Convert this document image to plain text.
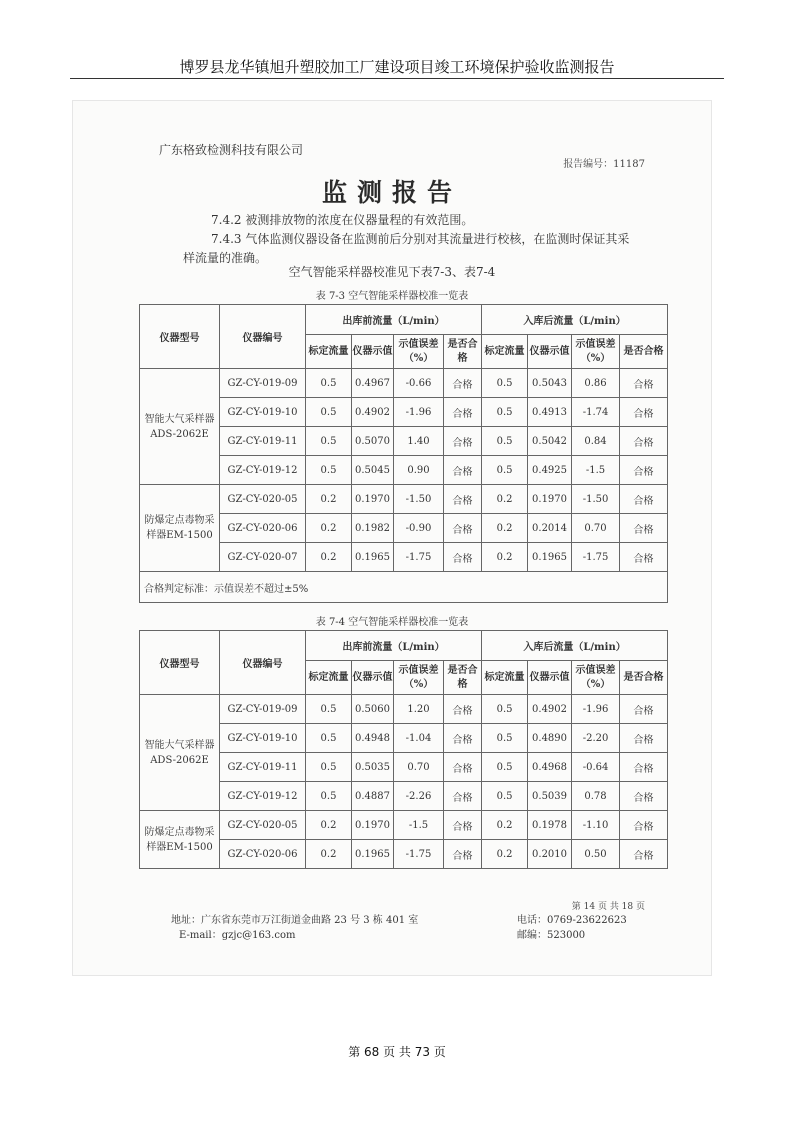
博罗县龙华镇旭升塑胶加工厂建设项目竣工环境保护验收监测报告
广东格致检测科技有限公司
报告编号：11187
监测报告
7.4.2 被测排放物的浓度在仪器量程的有效范围。
7.4.3 气体监测仪器设备在监测前后分别对其流量进行校核，在监测时保证其采
样流量的准确。
空气智能采样器校准见下表7-3、表7-4
表 7-3 空气智能采样器校准一览表
仪器型号	仪器编号	出库前流量（L/min）				入库后流量（L/min）			
		标定流量	仪器示值	示值误差（%）	是否合格	标定流量	仪器示值	示值误差（%）	是否合格
智能大气采样器ADS-2062E	GZ-CY-019-09	0.5	0.4967	-0.66	合格	0.5	0.5043	0.86	合格
	GZ-CY-019-10	0.5	0.4902	-1.96	合格	0.5	0.4913	-1.74	合格
	GZ-CY-019-11	0.5	0.5070	1.40	合格	0.5	0.5042	0.84	合格
	GZ-CY-019-12	0.5	0.5045	0.90	合格	0.5	0.4925	-1.5	合格
防爆定点毒物采样器EM-1500	GZ-CY-020-05	0.2	0.1970	-1.50	合格	0.2	0.1970	-1.50	合格
	GZ-CY-020-06	0.2	0.1982	-0.90	合格	0.2	0.2014	0.70	合格
	GZ-CY-020-07	0.2	0.1965	-1.75	合格	0.2	0.1965	-1.75	合格
合格判定标准：示值误差不超过±5%									
表 7-4 空气智能采样器校准一览表
仪器型号	仪器编号	出库前流量（L/min）				入库后流量（L/min）			
		标定流量	仪器示值	示值误差（%）	是否合格	标定流量	仪器示值	示值误差（%）	是否合格
智能大气采样器ADS-2062E	GZ-CY-019-09	0.5	0.5060	1.20	合格	0.5	0.4902	-1.96	合格
	GZ-CY-019-10	0.5	0.4948	-1.04	合格	0.5	0.4890	-2.20	合格
	GZ-CY-019-11	0.5	0.5035	0.70	合格	0.5	0.4968	-0.64	合格
	GZ-CY-019-12	0.5	0.4887	-2.26	合格	0.5	0.5039	0.78	合格
防爆定点毒物采样器EM-1500	GZ-CY-020-05	0.2	0.1970	-1.5	合格	0.2	0.1978	-1.10	合格
	GZ-CY-020-06	0.2	0.1965	-1.75	合格	0.2	0.2010	0.50	合格
第 14 页 共 18 页
地址：广东省东莞市万江街道金曲路 23 号 3 栋 401 室
E-mail：gzjc@163.com
电话：0769-23622623
邮编：523000
第 68 页 共 73 页
